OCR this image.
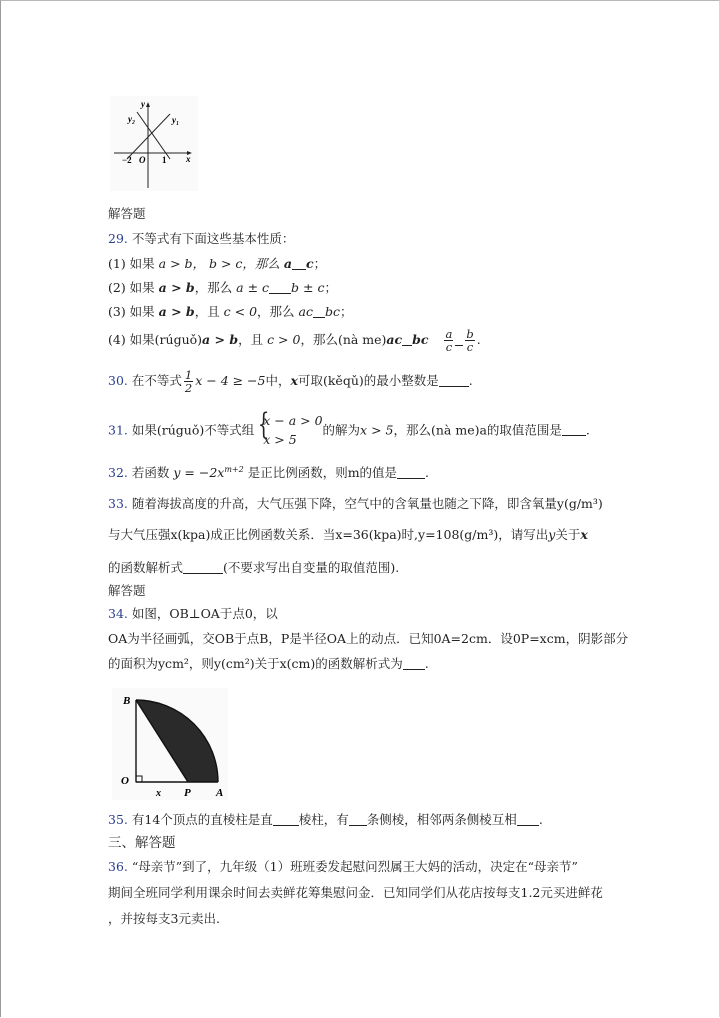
y
y₂	y₁
−2 O 1 x
解答题
29. 不等式有下面这些基本性质：
(1) 如果 a > b， b > c，那么 a c；
(2) 如果 a > b，那么 a ± c b ± c；
(3) 如果 a > b，且 c < 0，那么 ac bc；
(4) 如果(rúguǒ)a > b，且 c > 0，那么(nà me)ac bc $\frac{a}{c} \frac{b}{c}$ .
30. 在不等式 $\frac{1}{2}$ x − 4 ≥ −5中，x可取(kěqǔ)的最小整数是 .
31. 如果(rúguǒ)不等式组 {
x − a > 0
x > 5
的解为x > 5，那么(nà me)a的取值范围是 .
32. 若函数 $y = -2x^{m+2}$ 是正比例函数，则m的值是 .
33. 随着海拔高度的升高，大气压强下降，空气中的含氧量也随之下降，即含氧量y(g/m³)
与大气压强x(kpa)成正比例函数关系．当x=36(kpa)时,y=108(g/m³)，请写出y关于x
的函数解析式	(不要求写出自变量的取值范围).
解答题
34. 如图，OB⊥OA于点0，以
OA为半径画弧，交OB于点B，P是半径OA上的动点．已知0A=2cm．设0P=xcm，阴影部分
的面积为ycm²，则y(cm²)关于x(cm)的函数解析式为 .
35. 有14个顶点的直棱柱是直 棱柱，有 条侧棱，相邻两条侧棱互相 .
三、解答题
36. “母亲节”到了，九年级（1）班班委发起慰问烈属王大妈的活动，决定在“母亲节”
期间全班同学利用课余时间去卖鲜花筹集慰问金．已知同学们从花店按每支1.2元买进鲜花
，并按每支3元卖出.
B
O
A
P
x
